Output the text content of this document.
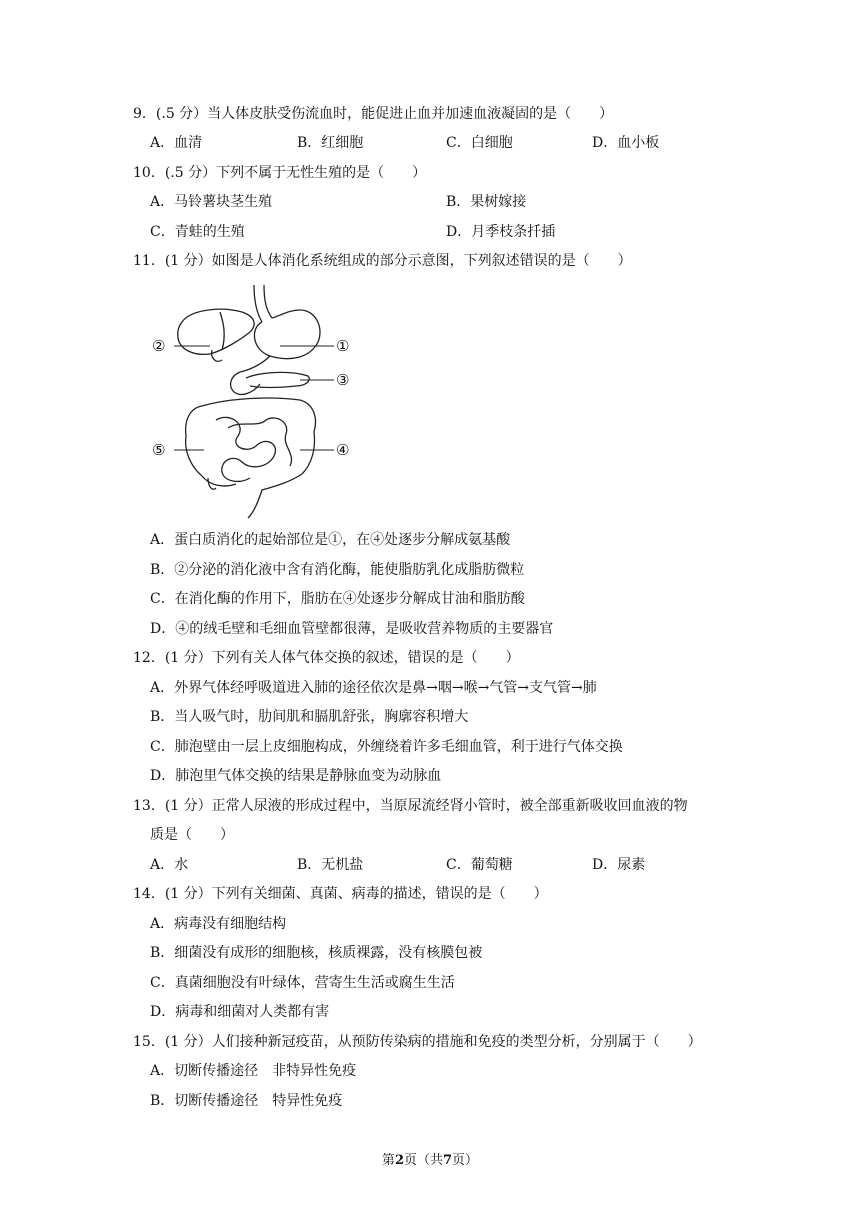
9．(.5 分）当人体皮肤受伤流血时，能促进止血并加速血液凝固的是（　　）
A．血清	B．红细胞	C．白细胞	D．血小板
10．(.5 分）下列不属于无性生殖的是（　　）
A．马铃薯块茎生殖	B．果树嫁接
C．青蛙的生殖	D．月季枝条扦插
11．(1 分）如图是人体消化系统组成的部分示意图，下列叙述错误的是（　　）
②	①
③
④
⑤
A．蛋白质消化的起始部位是①，在④处逐步分解成氨基酸
B．②分泌的消化液中含有消化酶，能使脂肪乳化成脂肪微粒
C．在消化酶的作用下，脂肪在④处逐步分解成甘油和脂肪酸
D．④的绒毛壁和毛细血管壁都很薄，是吸收营养物质的主要器官
12．(1 分）下列有关人体气体交换的叙述，错误的是（　　）
A．外界气体经呼吸道进入肺的途径依次是鼻→咽→喉→气管→支气管→肺
B．当人吸气时，肋间肌和膈肌舒张，胸廓容积增大
C．肺泡壁由一层上皮细胞构成，外缠绕着许多毛细血管，利于进行气体交换
D．肺泡里气体交换的结果是静脉血变为动脉血
13．(1 分）正常人尿液的形成过程中，当原尿流经肾小管时，被全部重新吸收回血液的物
质是（　　）
A．水	B．无机盐	C．葡萄糖	D．尿素
14．(1 分）下列有关细菌、真菌、病毒的描述，错误的是（　　）
A．病毒没有细胞结构
B．细菌没有成形的细胞核，核质裸露，没有核膜包被
C．真菌细胞没有叶绿体，营寄生生活或腐生生活
D．病毒和细菌对人类都有害
15．(1 分）人们接种新冠疫苗，从预防传染病的措施和免疫的类型分析，分别属于（　　）
A．切断传播途径　非特异性免疫
B．切断传播途径　特异性免疫
第2页（共7页）
